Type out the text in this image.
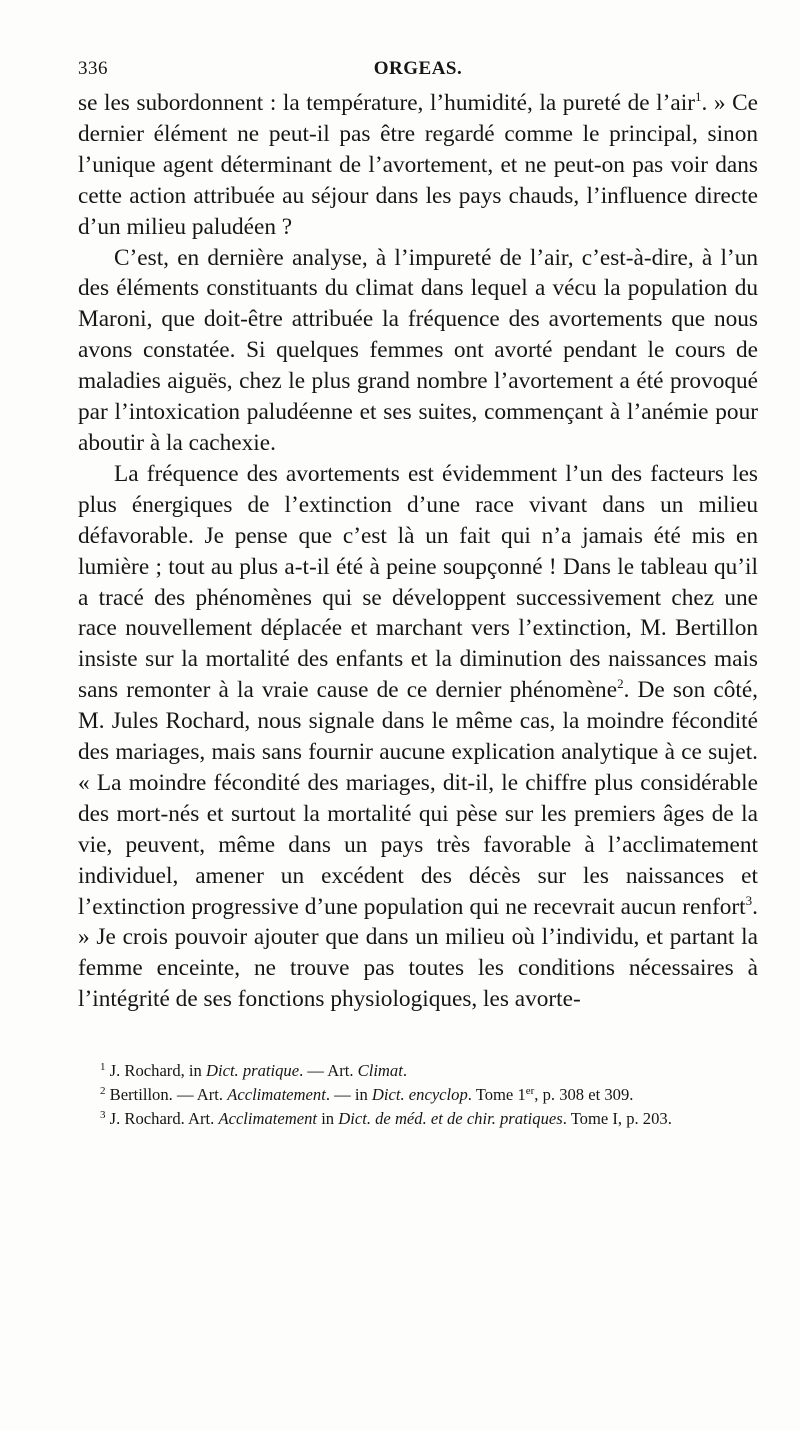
336	ORGEAS.

se les subordonnent : la température, l’humidité, la pureté de l’air$^1$. » Ce dernier élément ne peut-il pas être regardé comme le principal, sinon l’unique agent déterminant de l’avortement, et ne peut-on pas voir dans cette action attribuée au séjour dans les pays chauds, l’influence directe d’un milieu paludéen ?

C’est, en dernière analyse, à l’impureté de l’air, c’est-à-dire, à l’un des éléments constituants du climat dans lequel a vécu la population du Maroni, que doit-être attribuée la fréquence des avortements que nous avons constatée. Si quelques femmes ont avorté pendant le cours de maladies aiguës, chez le plus grand nombre l’avortement a été provoqué par l’intoxication paludéenne et ses suites, commençant à l’anémie pour aboutir à la cachexie.

La fréquence des avortements est évidemment l’un des facteurs les plus énergiques de l’extinction d’une race vivant dans un milieu défavorable. Je pense que c’est là un fait qui n’a jamais été mis en lumière ; tout au plus a-t-il été à peine soupçonné ! Dans le tableau qu’il a tracé des phénomènes qui se développent successivement chez une race nouvellement déplacée et marchant vers l’extinction, M. Bertillon insiste sur la mortalité des enfants et la diminution des naissances mais sans remonter à la vraie cause de ce dernier phénomène$^2$. De son côté, M. Jules Rochard, nous signale dans le même cas, la moindre fécondité des mariages, mais sans fournir aucune explication analytique à ce sujet. « La moindre fécondité des mariages, dit-il, le chiffre plus considérable des mort-nés et surtout la mortalité qui pèse sur les premiers âges de la vie, peuvent, même dans un pays très favorable à l’acclimatement individuel, amener un excédent des décès sur les naissances et l’extinction progressive d’une population qui ne recevrait aucun renfort$^3$. » Je crois pouvoir ajouter que dans un milieu où l’individu, et partant la femme enceinte, ne trouve pas toutes les conditions nécessaires à l’intégrité de ses fonctions physiologiques, les avorte-

$^1$ J. Rochard, in Dict. pratique. — Art. Climat.

$^2$ Bertillon. — Art. Acclimatement. — in Dict. encyclop. Tome 1er, p. 308 et 309.

$^3$ J. Rochard. Art. Acclimatement in Dict. de méd. et de chir. pratiques. Tome I, p. 203.
